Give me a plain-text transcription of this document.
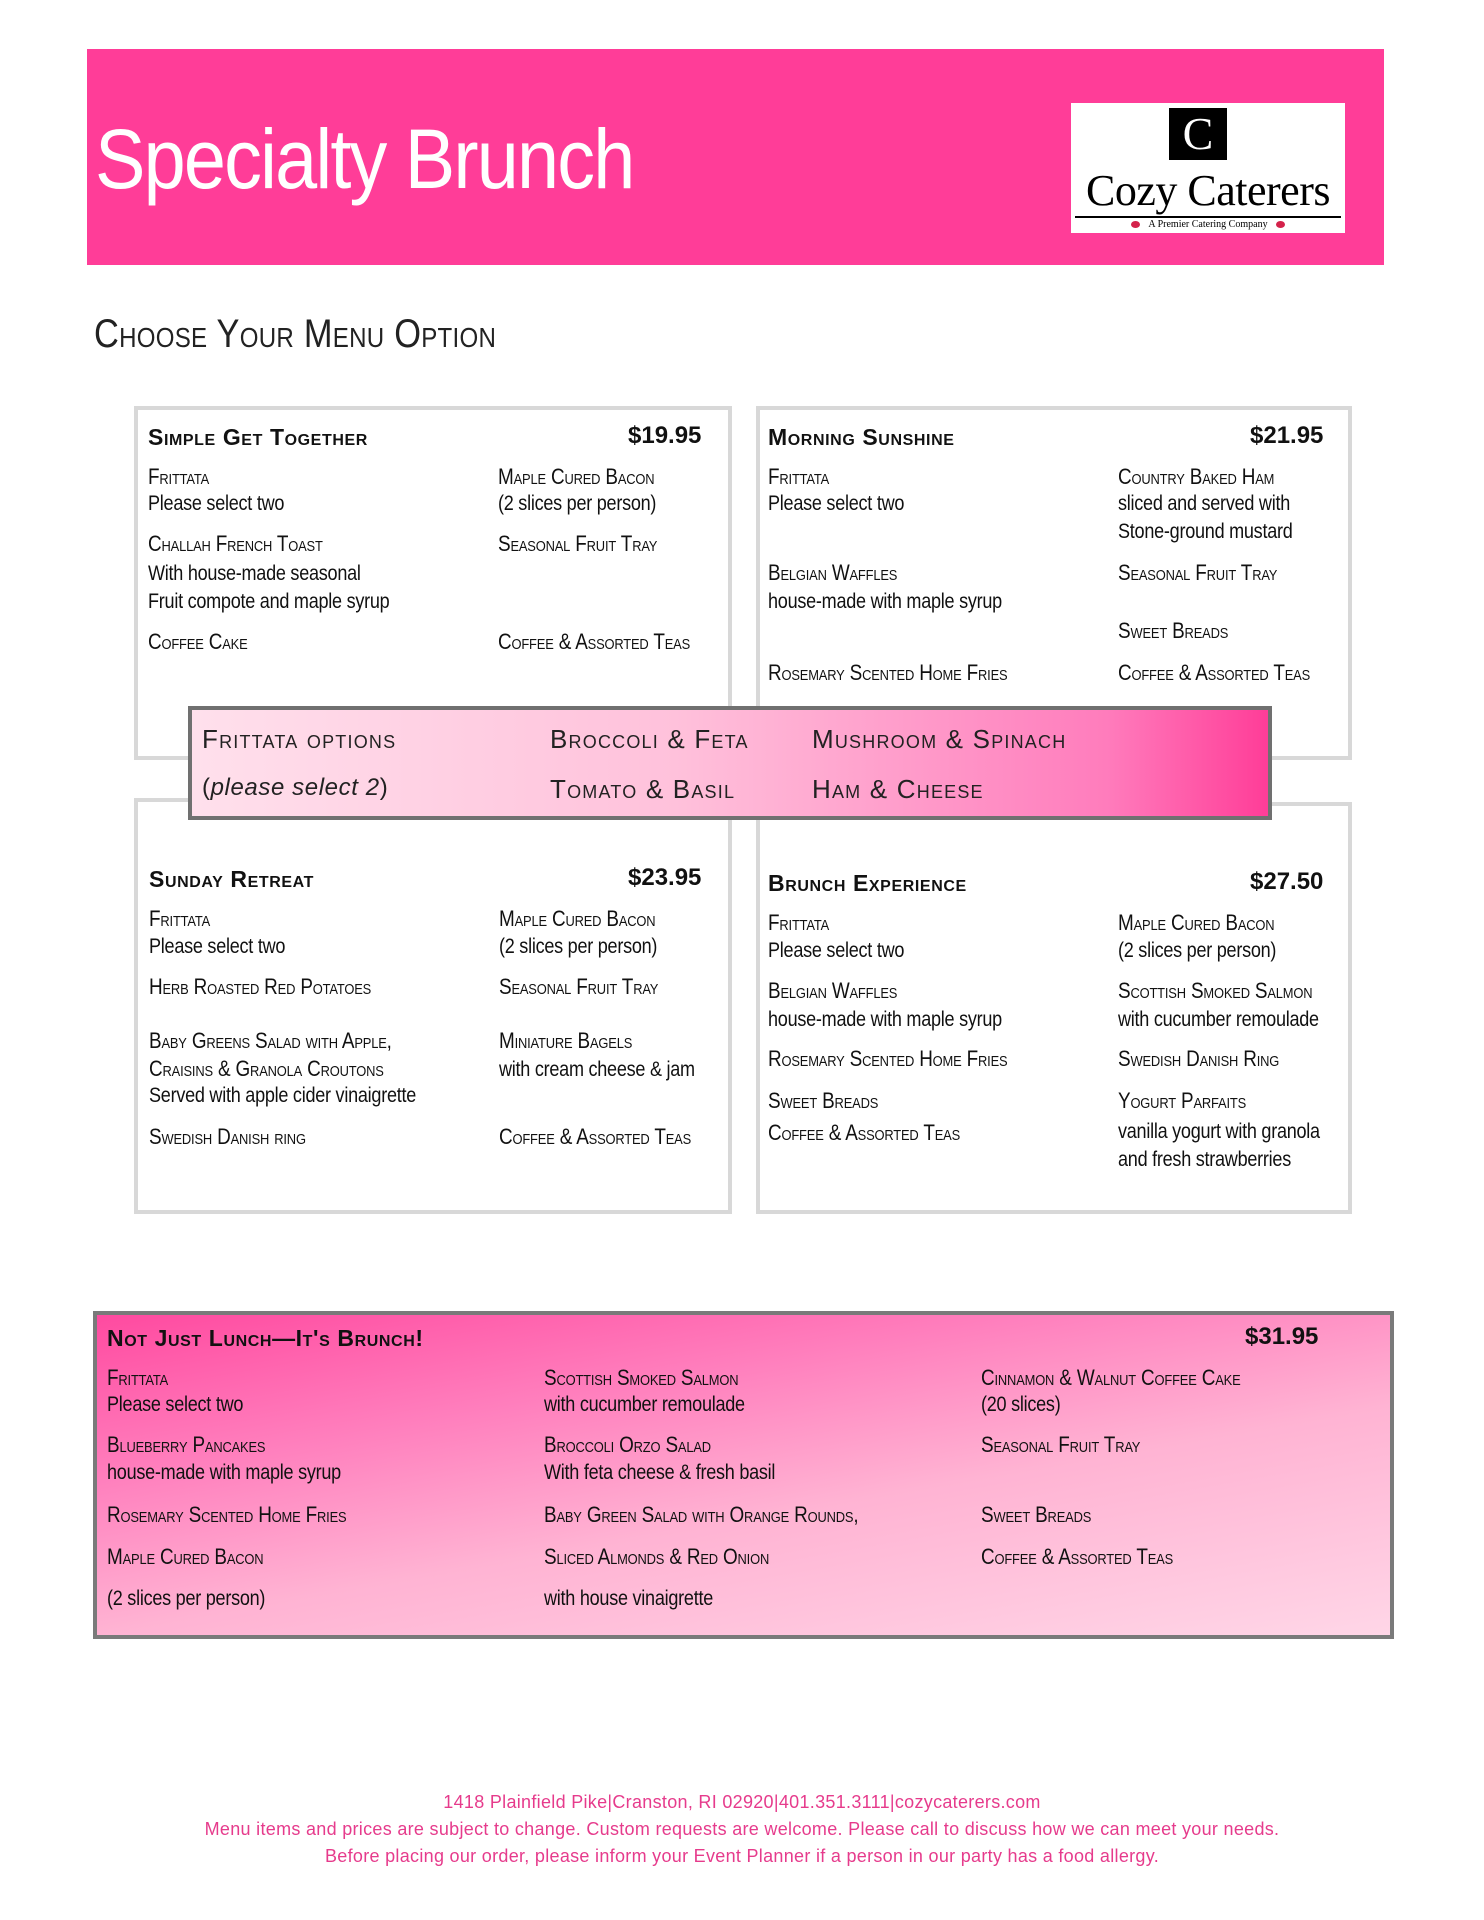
Specialty Brunch	C
Cozy Caterers
A Premier Catering Company
Choose Your Menu Option
Simple Get Together	$19.95
Frittata
Please select two
Challah French Toast
With house-made seasonal
Fruit compote and maple syrup
Coffee Cake
Maple Cured Bacon
(2 slices per person)
Seasonal Fruit Tray
Coffee & Assorted Teas
Morning Sunshine	$21.95
Frittata
Please select two
Belgian Waffles
house-made with maple syrup
Rosemary Scented Home Fries
Country Baked Ham
sliced and served with
Stone-ground mustard
Seasonal Fruit Tray
Sweet Breads
Coffee & Assorted Teas
Sunday Retreat	$23.95
Frittata
Please select two
Herb Roasted Red Potatoes
Baby Greens Salad with Apple,
Craisins & Granola Croutons
Served with apple cider vinaigrette
Swedish Danish ring
Maple Cured Bacon
(2 slices per person)
Seasonal Fruit Tray
Miniature Bagels
with cream cheese & jam
Coffee & Assorted Teas
Brunch Experience	$27.50
Frittata
Please select two
Belgian Waffles
house-made with maple syrup
Rosemary Scented Home Fries
Sweet Breads
Coffee & Assorted Teas
Maple Cured Bacon
(2 slices per person)
Scottish Smoked Salmon
with cucumber remoulade
Swedish Danish Ring
Yogurt Parfaits
vanilla yogurt with granola
and fresh strawberries
Frittata options
(please select 2)
Broccoli & Feta Mushroom & Spinach
Tomato & Basil	Ham & Cheese
Not Just Lunch—It's Brunch!	$31.95
Frittata
Please select two
Blueberry Pancakes
house-made with maple syrup
Rosemary Scented Home Fries
Maple Cured Bacon
(2 slices per person)
Scottish Smoked Salmon
with cucumber remoulade
Broccoli Orzo Salad
With feta cheese & fresh basil
Baby Green Salad with Orange Rounds,
Sliced Almonds & Red Onion
with house vinaigrette
Cinnamon & Walnut Coffee Cake
(20 slices)
Seasonal Fruit Tray
Sweet Breads
Coffee & Assorted Teas
1418 Plainfield Pike|Cranston, RI 02920|401.351.3111|cozycaterers.com
Menu items and prices are subject to change. Custom requests are welcome. Please call to discuss how we can meet your needs.
Before placing our order, please inform your Event Planner if a person in our party has a food allergy.
